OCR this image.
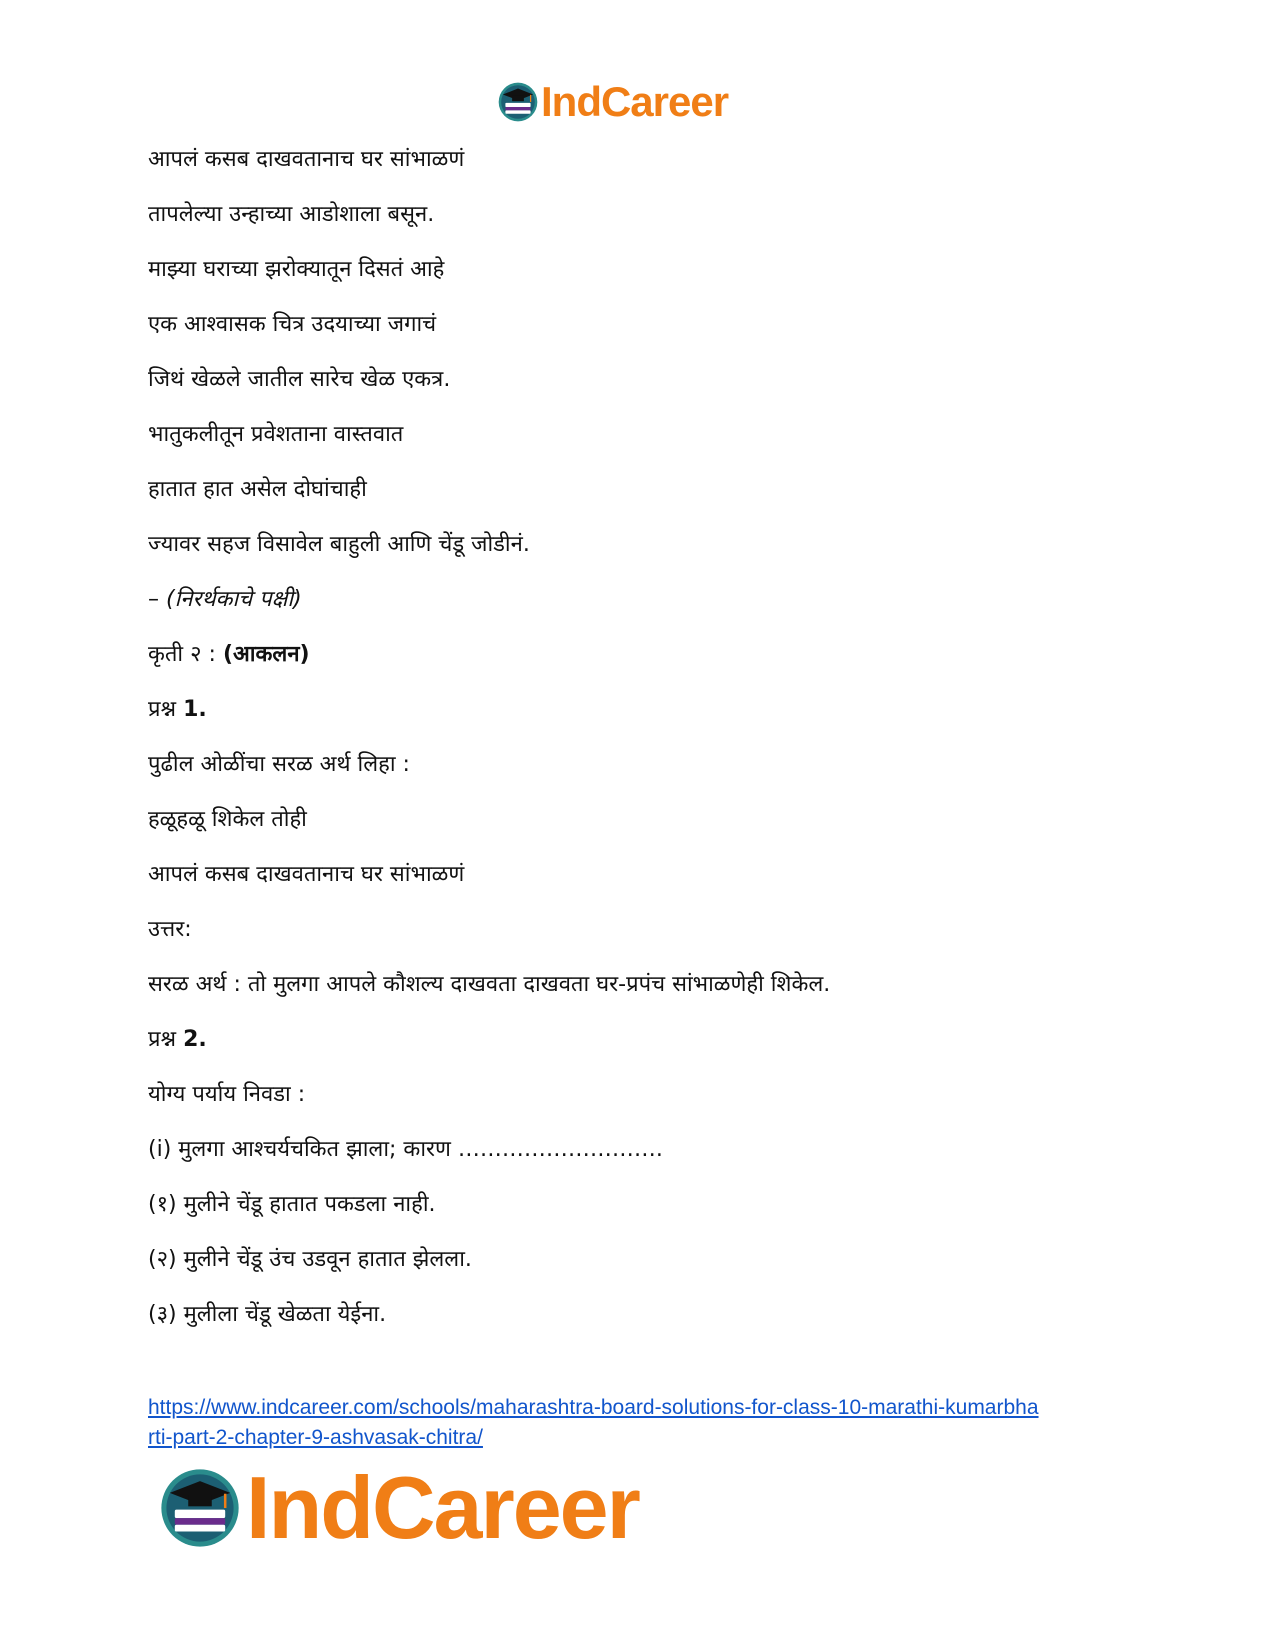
IndCareer
आपलं कसब दाखवतानाच घर सांभाळणं
तापलेल्या उन्हाच्या आडोशाला बसून.
माझ्या घराच्या झरोक्यातून दिसतं आहे
एक आश्वासक चित्र उदयाच्या जगाचं
जिथं खेळले जातील सारेच खेळ एकत्र.
भातुकलीतून प्रवेशताना वास्तवात
हातात हात असेल दोघांचाही
ज्यावर सहज विसावेल बाहुली आणि चेंडू जोडीनं.
– (निरर्थकाचे पक्षी)
कृती २ : (आकलन)
प्रश्न 1.
पुढील ओळींचा सरळ अर्थ लिहा :
हळूहळू शिकेल तोही
आपलं कसब दाखवतानाच घर सांभाळणं
उत्तर:
सरळ अर्थ : तो मुलगा आपले कौशल्य दाखवता दाखवता घर-प्रपंच सांभाळणेही शिकेल.
प्रश्न 2.
योग्य पर्याय निवडा :
(i) मुलगा आश्चर्यचकित झाला; कारण ……………………….
(१) मुलीने चेंडू हातात पकडला नाही.
(२) मुलीने चेंडू उंच उडवून हातात झेलला.
(३) मुलीला चेंडू खेळता येईना.
https://www.indcareer.com/schools/maharashtra-board-solutions-for-class-10-marathi-kumarbha
rti-part-2-chapter-9-ashvasak-chitra/
IndCareer
